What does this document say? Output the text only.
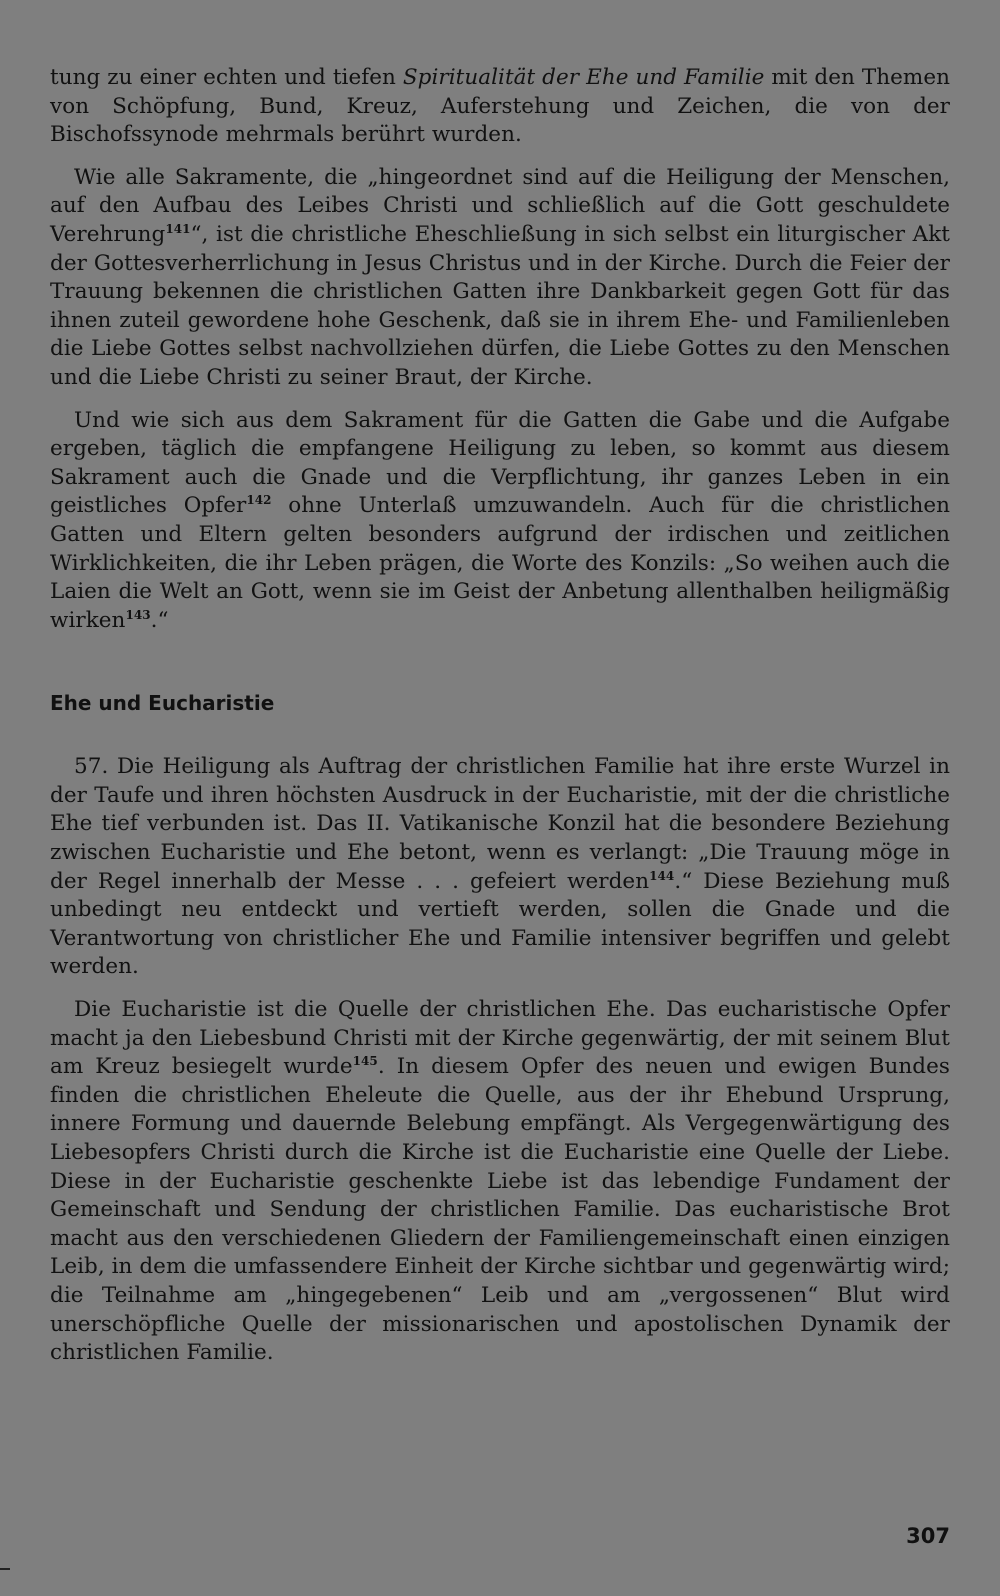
tung zu einer echten und tiefen Spiritualität der Ehe und Familie mit den Themen von Schöpfung, Bund, Kreuz, Auferstehung und Zeichen, die von der Bischofssynode mehrmals berührt wurden.

Wie alle Sakramente, die „hingeordnet sind auf die Heiligung der Menschen, auf den Aufbau des Leibes Christi und schließlich auf die Gott geschuldete Verehrung$^{141}$“, ist die christliche Eheschließung in sich selbst ein liturgischer Akt der Gottesverherrlichung in Jesus Christus und in der Kirche. Durch die Feier der Trauung bekennen die christlichen Gatten ihre Dankbarkeit gegen Gott für das ihnen zuteil gewordene hohe Geschenk, daß sie in ihrem Ehe- und Familienleben die Liebe Gottes selbst nachvollziehen dürfen, die Liebe Gottes zu den Menschen und die Liebe Christi zu seiner Braut, der Kirche.

Und wie sich aus dem Sakrament für die Gatten die Gabe und die Aufgabe ergeben, täglich die empfangene Heiligung zu leben, so kommt aus diesem Sakrament auch die Gnade und die Verpflichtung, ihr ganzes Leben in ein geistliches Opfer$^{142}$ ohne Unterlaß umzuwandeln. Auch für die christlichen Gatten und Eltern gelten besonders aufgrund der irdischen und zeitlichen Wirklichkeiten, die ihr Leben prägen, die Worte des Konzils: „So weihen auch die Laien die Welt an Gott, wenn sie im Geist der Anbetung allenthalben heiligmäßig wirken$^{143}$.“

Ehe und Eucharistie

57. Die Heiligung als Auftrag der christlichen Familie hat ihre erste Wurzel in der Taufe und ihren höchsten Ausdruck in der Eucharistie, mit der die christliche Ehe tief verbunden ist. Das II. Vatikanische Konzil hat die besondere Beziehung zwischen Eucharistie und Ehe betont, wenn es verlangt: „Die Trauung möge in der Regel innerhalb der Messe . . . gefeiert werden$^{144}$.“ Diese Beziehung muß unbedingt neu entdeckt und vertieft werden, sollen die Gnade und die Verantwortung von christlicher Ehe und Familie intensiver begriffen und gelebt werden.

Die Eucharistie ist die Quelle der christlichen Ehe. Das eucharistische Opfer macht ja den Liebesbund Christi mit der Kirche gegenwärtig, der mit seinem Blut am Kreuz besiegelt wurde$^{145}$. In diesem Opfer des neuen und ewigen Bundes finden die christlichen Eheleute die Quelle, aus der ihr Ehebund Ursprung, innere Formung und dauernde Belebung empfängt. Als Vergegenwärtigung des Liebesopfers Christi durch die Kirche ist die Eucharistie eine Quelle der Liebe. Diese in der Eucharistie geschenkte Liebe ist das lebendige Fundament der Gemeinschaft und Sendung der christlichen Familie. Das eucharistische Brot macht aus den verschiedenen Gliedern der Familiengemeinschaft einen einzigen Leib, in dem die umfassendere Einheit der Kirche sichtbar und gegenwärtig wird; die Teilnahme am „hingegebenen“ Leib und am „vergossenen“ Blut wird unerschöpfliche Quelle der missionarischen und apostolischen Dynamik der christlichen Familie.

307
